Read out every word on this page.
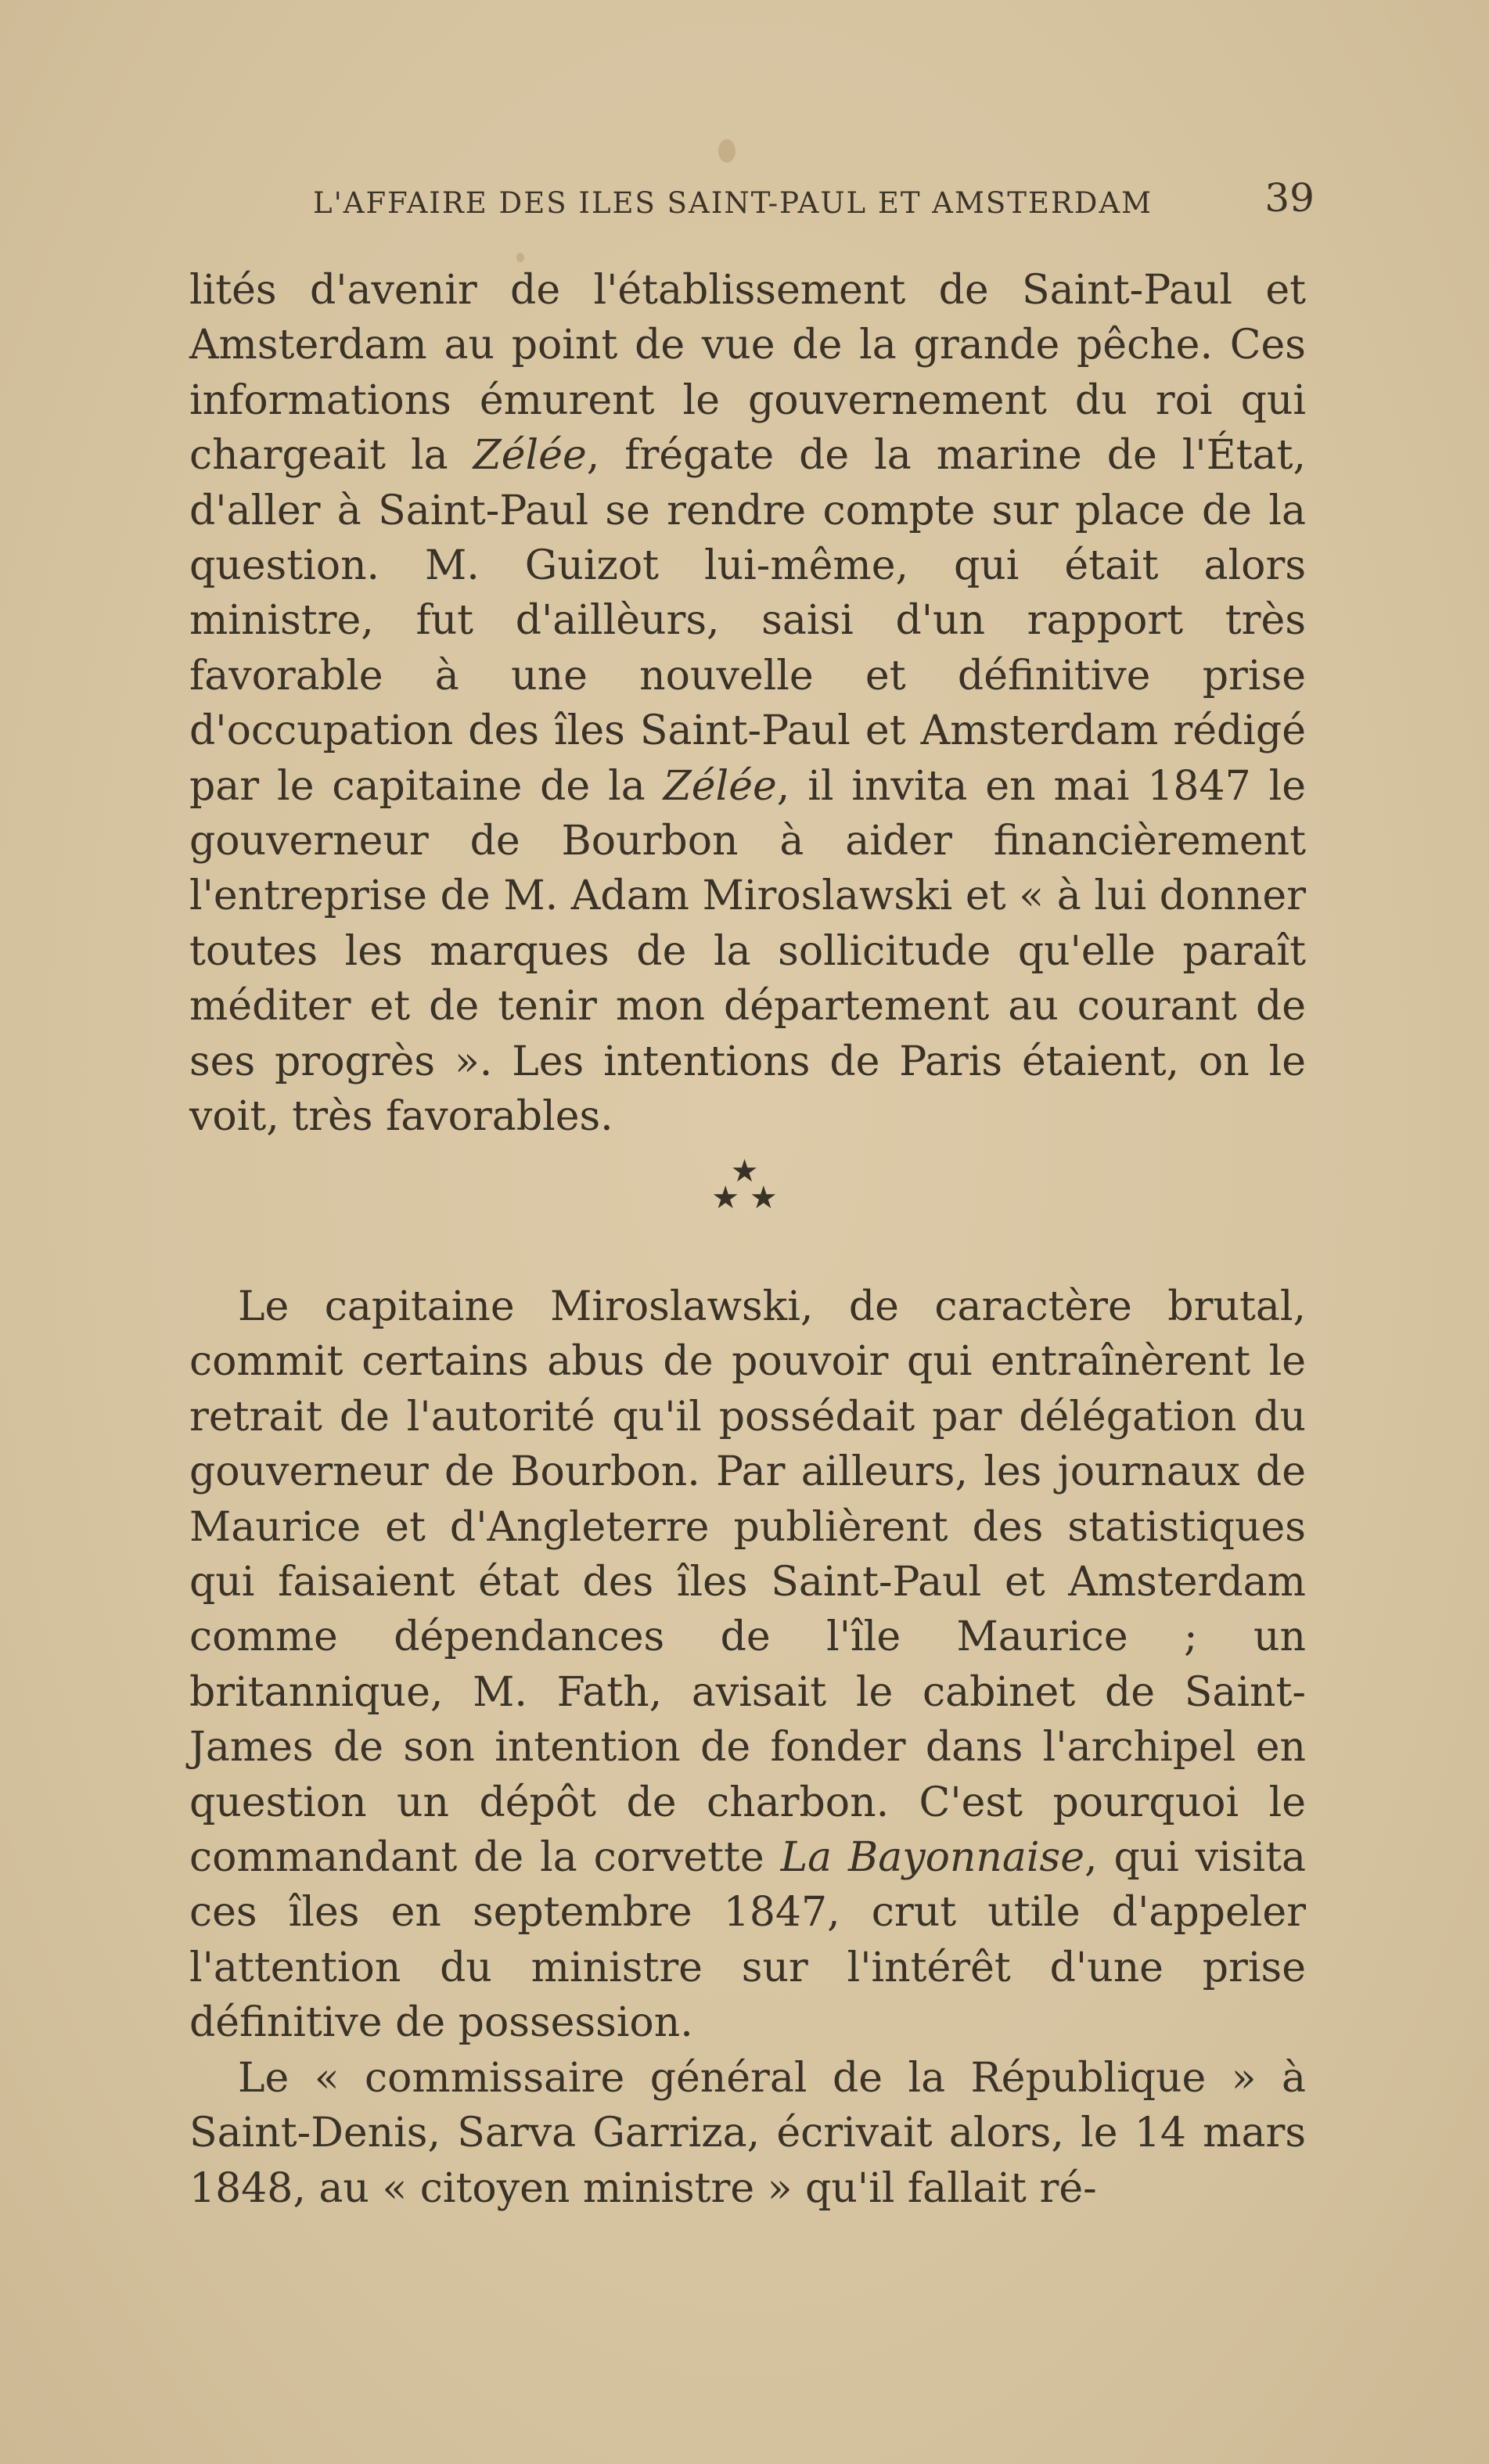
L'AFFAIRE DES ILES SAINT-PAUL ET AMSTERDAM	39
lités d'avenir de l'établissement de Saint-Paul et Amsterdam au point de vue de la grande pêche. Ces informations émurent le gouvernement du roi qui chargeait la Zélée, frégate de la marine de l'État, d'aller à Saint-Paul se rendre compte sur place de la question. M. Guizot lui-même, qui était alors ministre, fut d'aillèurs, saisi d'un rapport très favorable à une nouvelle et définitive prise d'occupation des îles Saint-Paul et Amsterdam rédigé par le capitaine de la Zélée, il invita en mai 1847 le gouverneur de Bourbon à aider financièrement l'entreprise de M. Adam Miroslawski et « à lui donner toutes les marques de la sollicitude qu'elle paraît méditer et de tenir mon département au courant de ses progrès ». Les intentions de Paris étaient, on le voit, très favorables.
★
★ ★
Le capitaine Miroslawski, de caractère brutal, commit certains abus de pouvoir qui entraînèrent le retrait de l'autorité qu'il possédait par délégation du gouverneur de Bourbon. Par ailleurs, les journaux de Maurice et d'Angleterre publièrent des statistiques qui faisaient état des îles Saint-Paul et Amsterdam comme dépendances de l'île Maurice ; un britannique, M. Fath, avisait le cabinet de Saint-James de son intention de fonder dans l'archipel en question un dépôt de charbon. C'est pourquoi le commandant de la corvette La Bayonnaise, qui visita ces îles en septembre 1847, crut utile d'appeler l'attention du ministre sur l'intérêt d'une prise définitive de possession.
Le « commissaire général de la République » à Saint-Denis, Sarva Garriza, écrivait alors, le 14 mars 1848, au « citoyen ministre » qu'il fallait ré-
